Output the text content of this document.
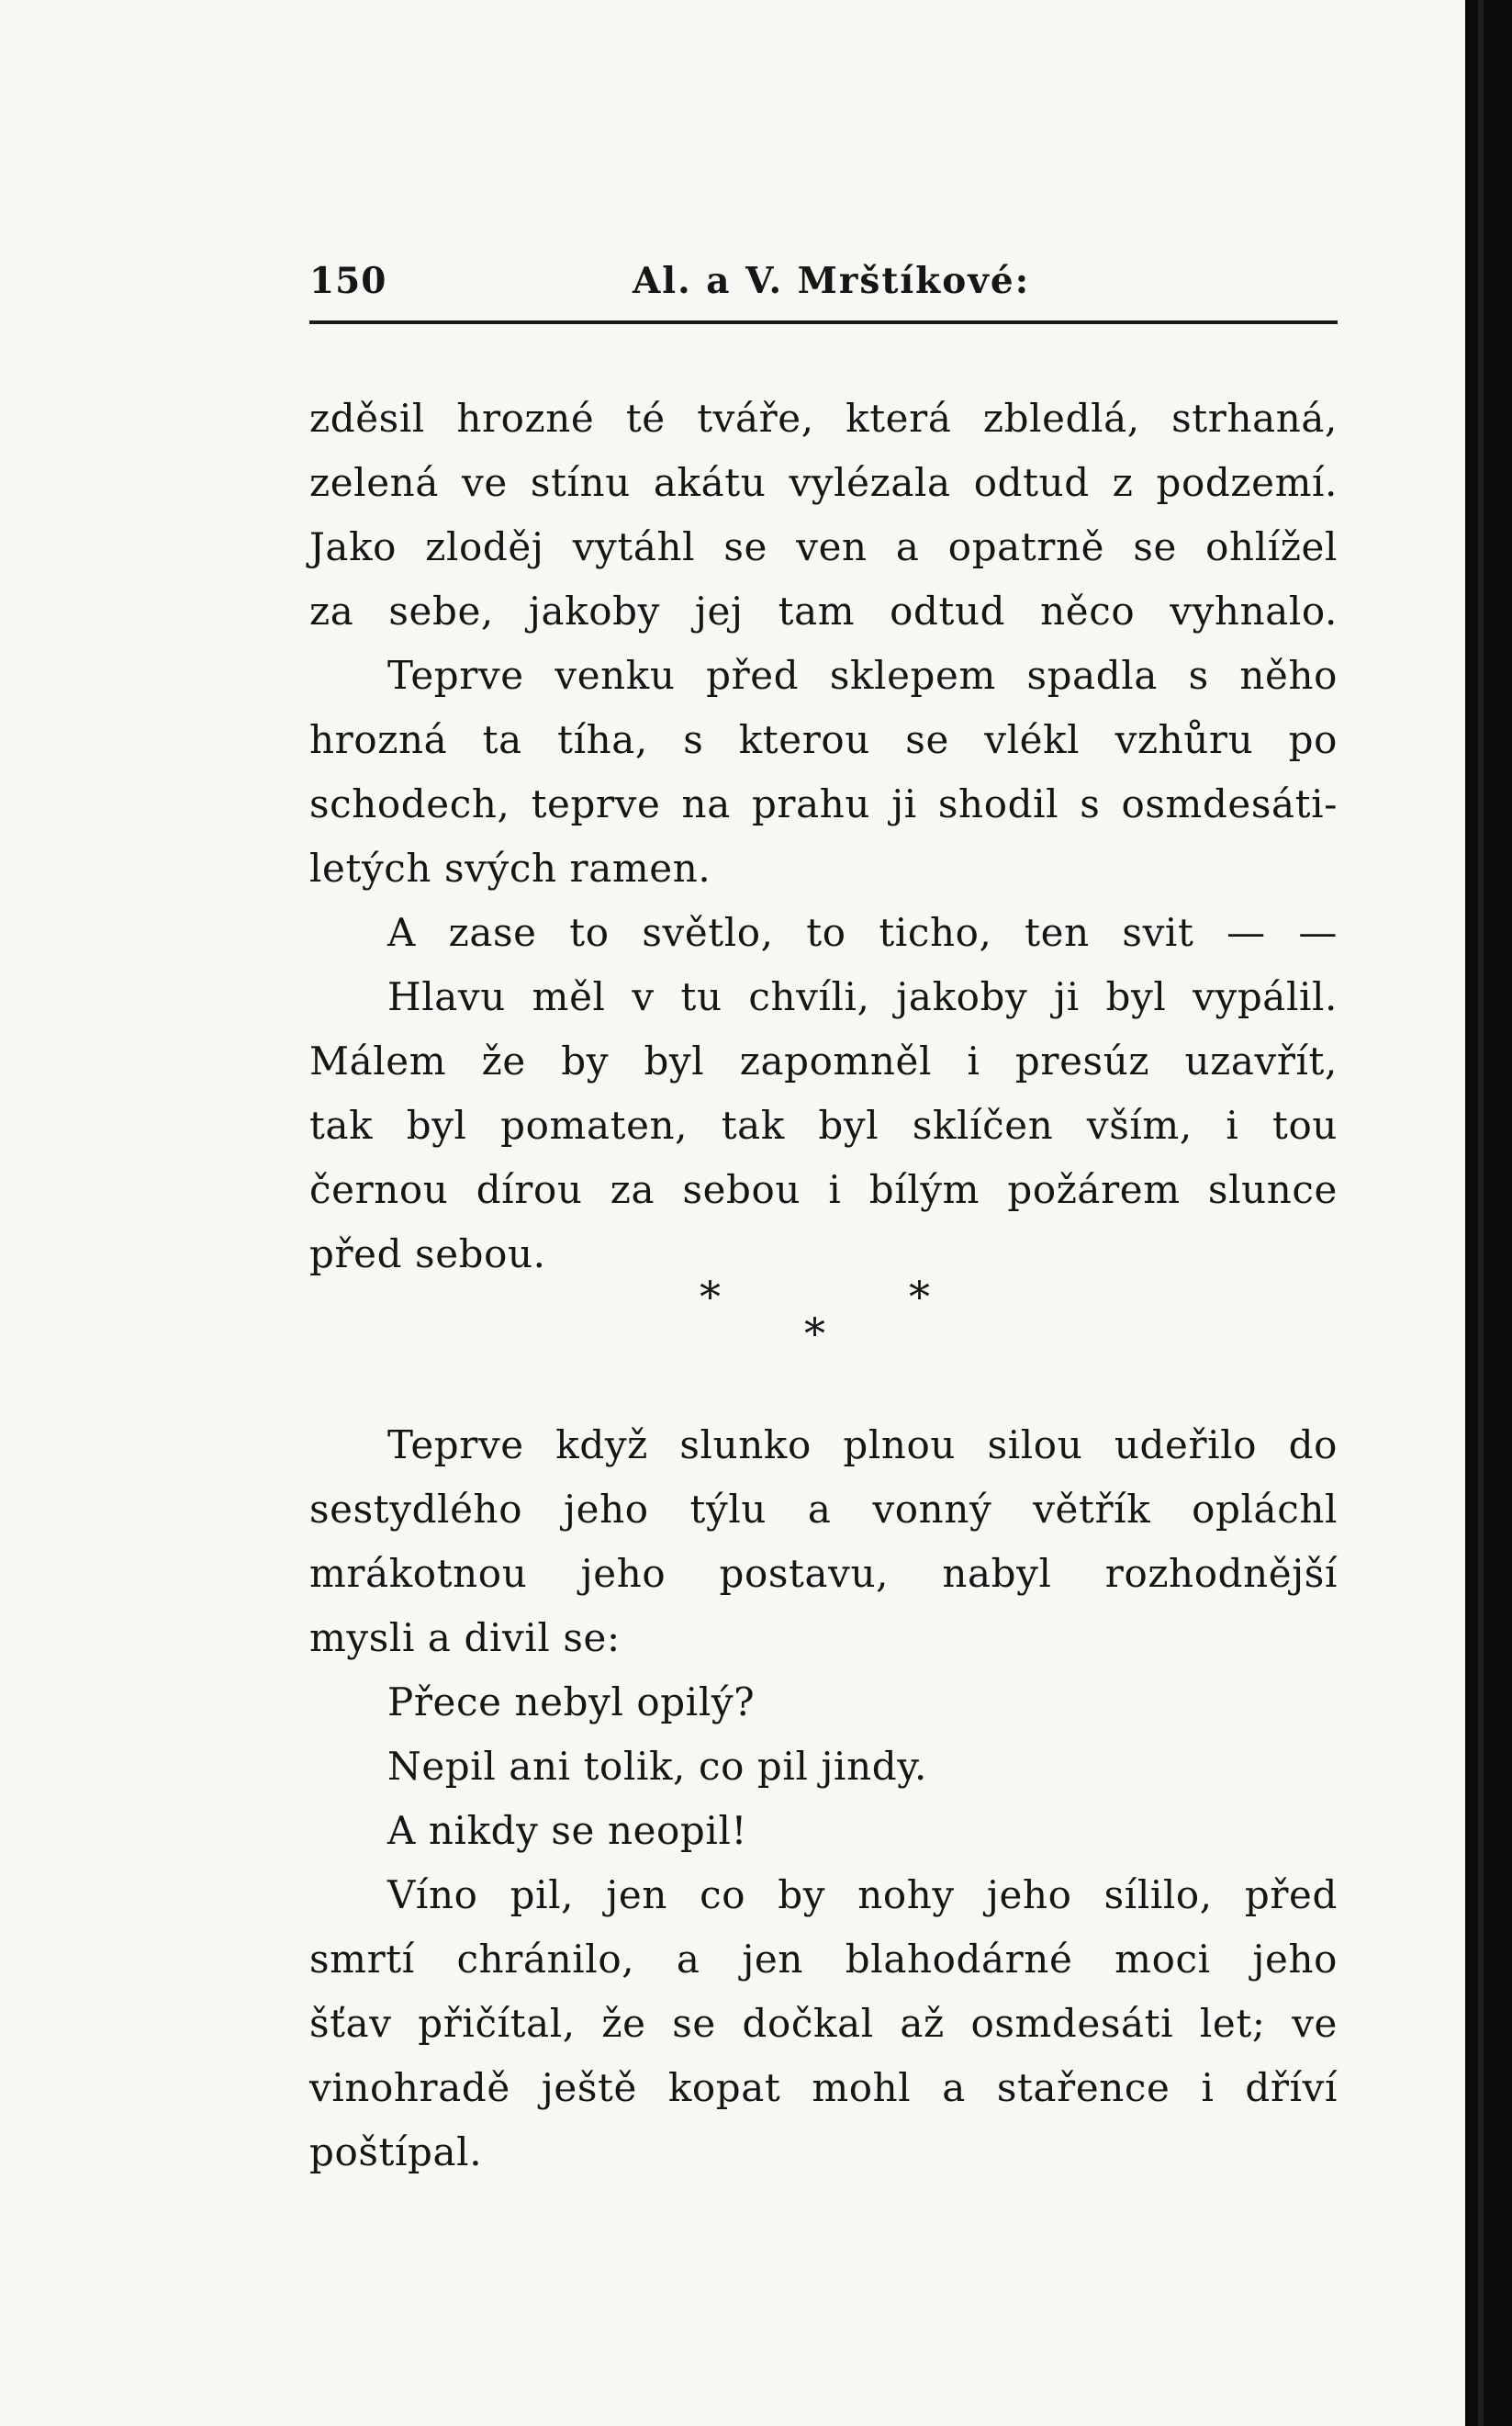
150	Al. a V. Mrštíkové:
zděsil hrozné té tváře, která zbledlá, strhaná,
zelená ve stínu akátu vylézala odtud z podzemí.
Jako zloděj vytáhl se ven a opatrně se ohlížel
za sebe, jakoby jej tam odtud něco vyhnalo.
Teprve venku před sklepem spadla s něho
hrozná ta tíha, s kterou se vlékl vzhůru po
schodech, teprve na prahu ji shodil s osmdesáti-
letých svých ramen.
A zase to světlo, to ticho, ten svit — —
Hlavu měl v tu chvíli, jakoby ji byl vypálil.
Málem že by byl zapomněl i presúz uzavřít,
tak byl pomaten, tak byl sklíčen vším, i tou
černou dírou za sebou i bílým požárem slunce
před sebou.
*	*
*
Teprve když slunko plnou silou udeřilo do
sestydlého jeho týlu a vonný větřík opláchl
mrákotnou jeho postavu, nabyl rozhodnější
mysli a divil se:
Přece nebyl opilý?
Nepil ani tolik, co pil jindy.
A nikdy se neopil!
Víno pil, jen co by nohy jeho sílilo, před
smrtí chránilo, a jen blahodárné moci jeho
šťav přičítal, že se dočkal až osmdesáti let; ve
vinohradě ještě kopat mohl a stařence i dříví
poštípal.
